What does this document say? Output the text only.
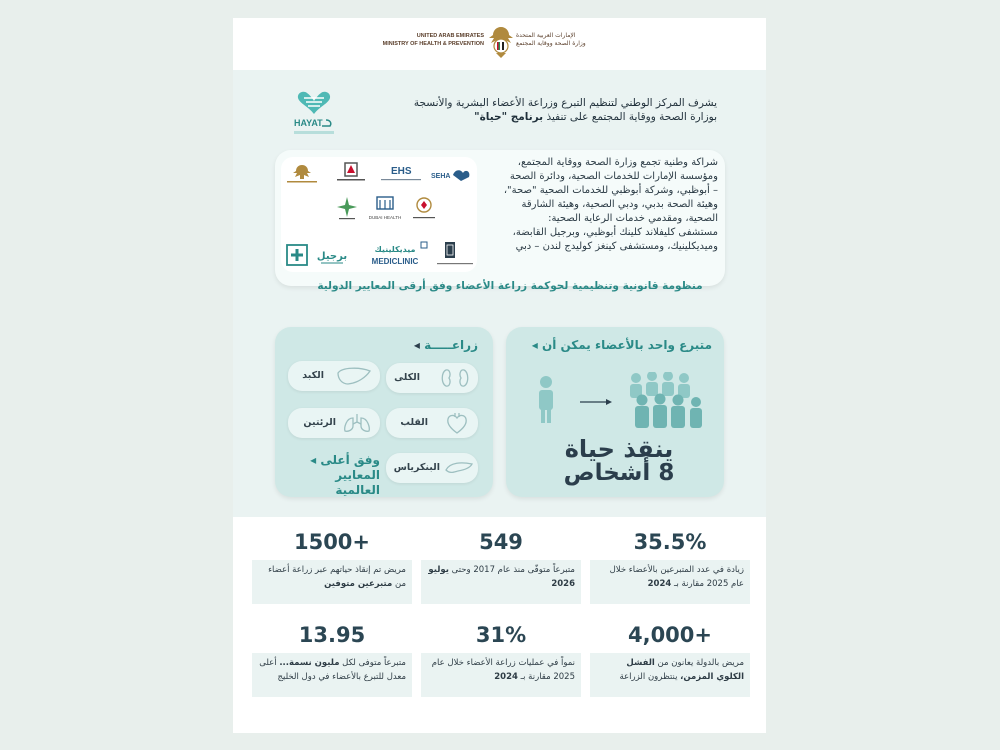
UNITED ARAB EMIRATES
MINISTRY OF HEALTH & PREVENTION
الإمارات العربية المتحدة
وزارة الصحة ووقاية المجتمع
HAYAT
يشرف المركز الوطني لتنظيم التبرع وزراعة الأعضاء البشرية والأنسجة
بوزارة الصحة ووقاية المجتمع على تنفيذ برنامج "حياة"
EHS	SEHA
DUBAI HEALTH
برجيل
ميديكلينيك
MEDICLINIC
شراكة وطنية تجمع وزارة الصحة ووقاية المجتمع،
ومؤسسة الإمارات للخدمات الصحية، ودائرة الصحة
– أبوظبي، وشركة أبوظبي للخدمات الصحية "صحة"،
وهيئة الصحة بدبي، ودبي الصحية، وهيئة الشارقة
الصحية، ومقدمي خدمات الرعاية الصحية:
مستشفى كليفلاند كلينك أبوظبي، وبرجيل القابضة،
وميديكلينيك، ومستشفى كينغز كوليدج لندن – دبي
منظومة قانونية وتنظيمية لحوكمة زراعة الأعضاء وفق أرقى المعايير الدولية
متبرع واحد بالأعضاء يمكن أن ◂
ينقذ حياة
8 أشخاص
زراعـــــة ◂
الكبد	الكلى
الرئتين	القلب
البنكرياس
وفق أعلى ◂
المعايير العالمية
1500+
مريض تم إنقاذ حياتهم عبر زراعة أعضاء من متبرعين متوفين
549
متبرعاً متوفّى منذ عام 2017 وحتى يوليو 2026
35.5%
زيادة في عدد المتبرعين بالأعضاء خلال عام 2025 مقارنة بـ 2024
13.95
متبرعاً متوفى لكل مليون نسمة... أعلى معدل للتبرع بالأعضاء في دول الخليج
31%
نمواً في عمليات زراعة الأعضاء خلال عام 2025 مقارنة بـ 2024
4,000+
مريض بالدولة يعانون من الفشل الكلوي المزمن، ينتظرون الزراعة
